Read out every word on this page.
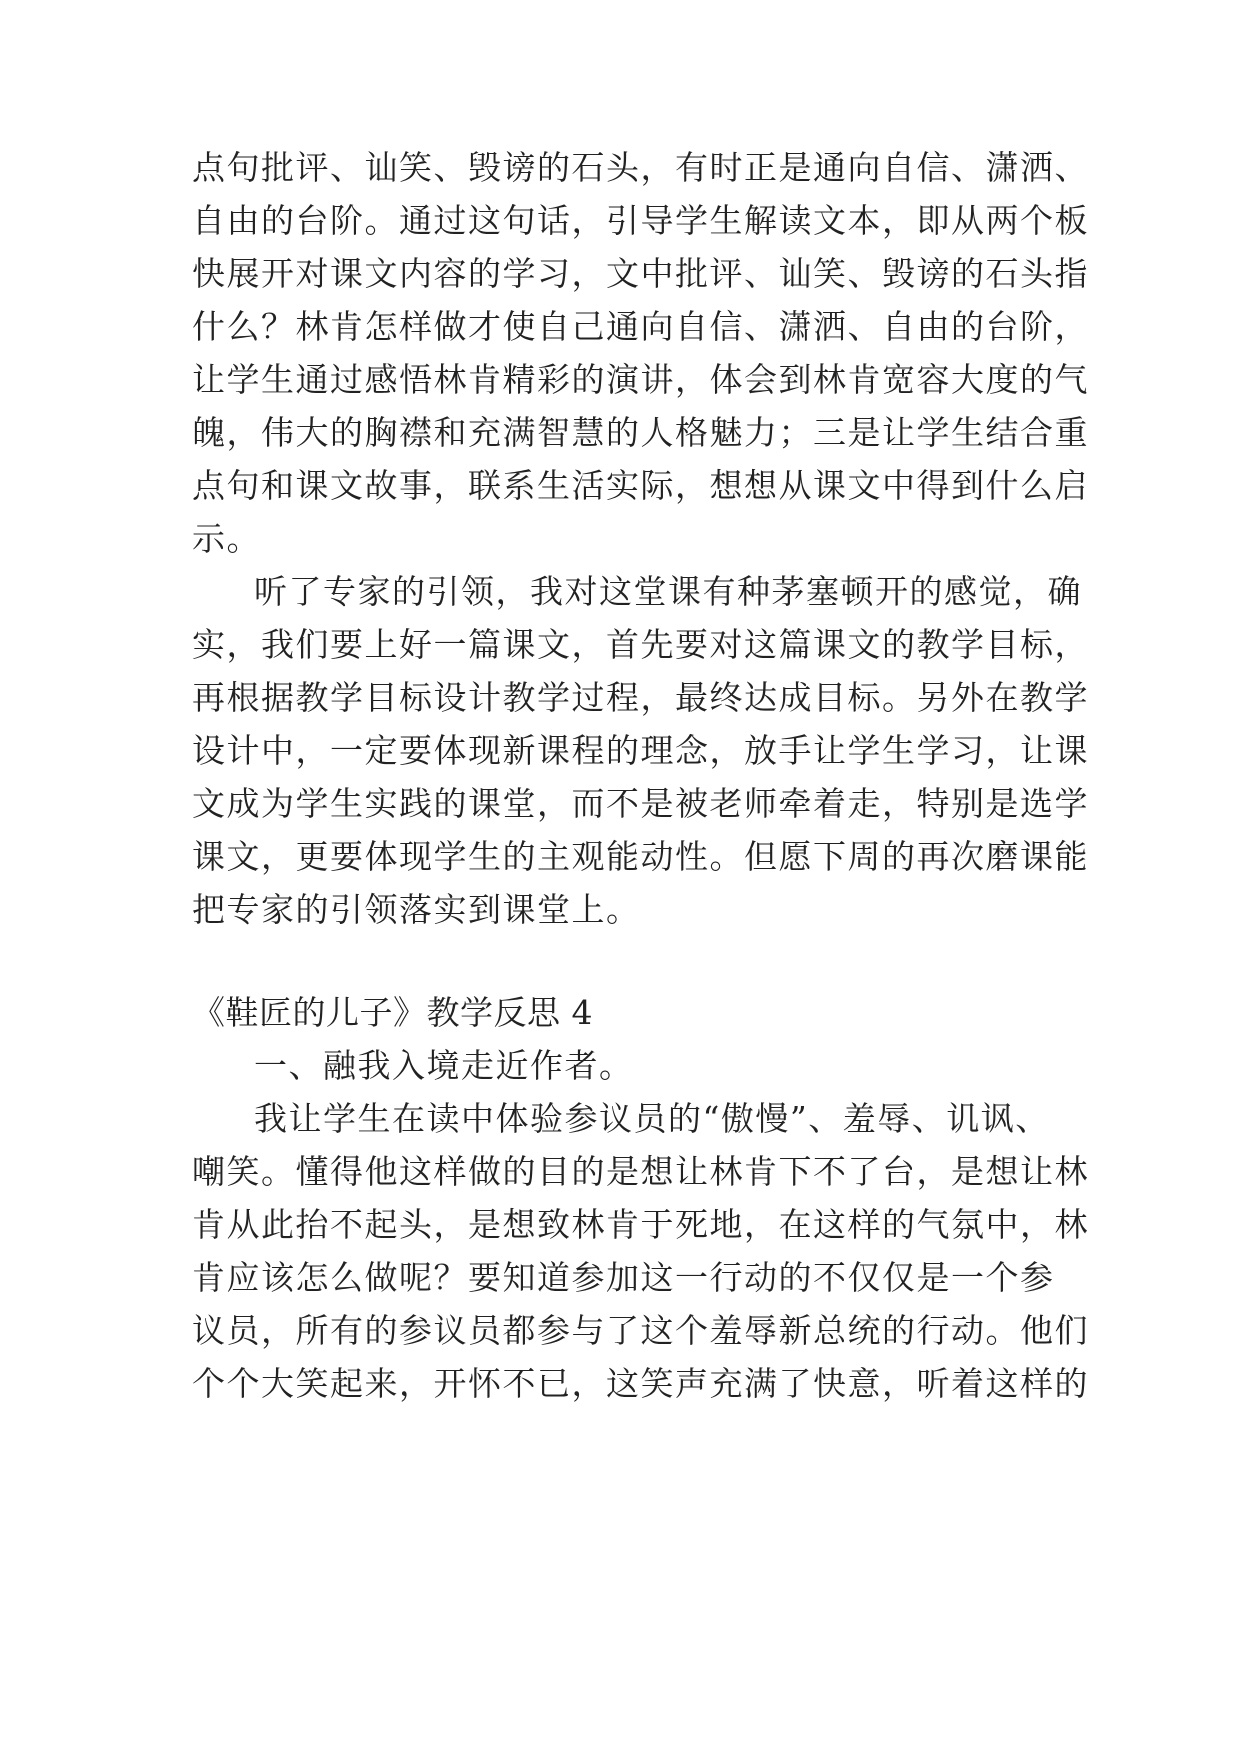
点句批评、讪笑、毁谤的石头，有时正是通向自信、潇洒、
自由的台阶。通过这句话，引导学生解读文本，即从两个板
快展开对课文内容的学习，文中批评、讪笑、毁谤的石头指
什么？林肯怎样做才使自己通向自信、潇洒、自由的台阶，
让学生通过感悟林肯精彩的演讲，体会到林肯宽容大度的气
魄，伟大的胸襟和充满智慧的人格魅力；三是让学生结合重
点句和课文故事，联系生活实际，想想从课文中得到什么启
示。
听了专家的引领，我对这堂课有种茅塞顿开的感觉，确
实，我们要上好一篇课文，首先要对这篇课文的教学目标，
再根据教学目标设计教学过程，最终达成目标。另外在教学
设计中，一定要体现新课程的理念，放手让学生学习，让课
文成为学生实践的课堂，而不是被老师牵着走，特别是选学
课文，更要体现学生的主观能动性。但愿下周的再次磨课能
把专家的引领落实到课堂上。
《鞋匠的儿子》教学反思 4
一、融我入境走近作者。
我让学生在读中体验参议员的“傲慢”、羞辱、讥讽、
嘲笑。懂得他这样做的目的是想让林肯下不了台，是想让林
肯从此抬不起头，是想致林肯于死地，在这样的气氛中，林
肯应该怎么做呢？要知道参加这一行动的不仅仅是一个参
议员，所有的参议员都参与了这个羞辱新总统的行动。他们
个个大笑起来，开怀不已，这笑声充满了快意，听着这样的
